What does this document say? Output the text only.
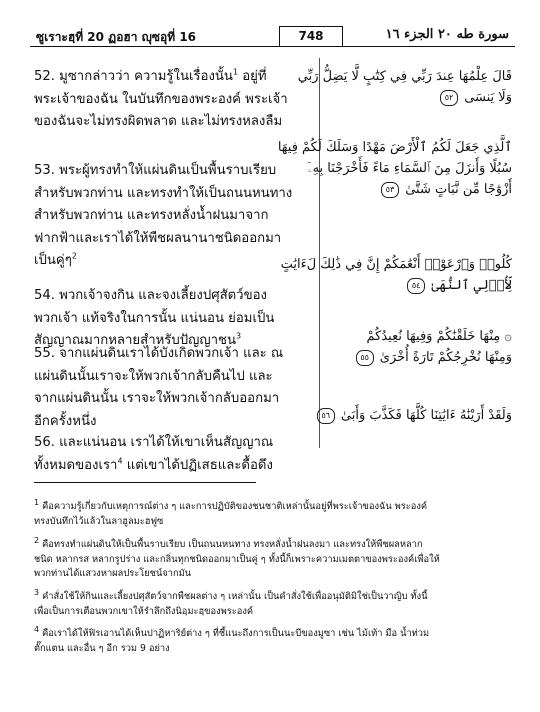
ซูเราะฮฺที่ 20 ฏอฮา ญุซอุที่ 16	748	سورة طه ٢٠ الجزء ١٦
52. มูซากล่าวว่า ความรู้ในเรื่องนั้น$^1$ อยู่ที่
พระเจ้าของฉัน ในบันทึกของพระองค์ พระเจ้า
ของฉันจะไม่ทรงผิดพลาด และไม่ทรงหลงลืม
53. พระผู้ทรงทำให้แผ่นดินเป็นพื้นราบเรียบ
สำหรับพวกท่าน และทรงทำให้เป็นถนนหนทาง
สำหรับพวกท่าน และทรงหลั่งน้ำฝนมาจาก
ฟากฟ้าและเราได้ให้พืชผลนานาชนิดออกมา
เป็นคู่ๆ$^2$
54. พวกเจ้าจงกิน และจงเลี้ยงปศุสัตว์ของ
พวกเจ้า แท้จริงในการนั้น แน่นอน ย่อมเป็น
สัญญาณมากหลายสำหรับปัญญาชน$^3$
55. จากแผ่นดินเราได้บังเกิดพวกเจ้า และ ณ
แผ่นดินนั้นเราจะให้พวกเจ้ากลับคืนไป และ
จากแผ่นดินนั้น เราจะให้พวกเจ้ากลับออกมา
อีกครั้งหนึ่ง
56. และแน่นอน เราได้ให้เขาเห็นสัญญาณ
ทั้งหมดของเรา$^4$ แต่เขาได้ปฏิเสธและดื้อดึง
قَالَ عِلْمُهَا عِندَ رَبِّي فِي كِتَٰبٍ لَّا يَضِلُّ رَبِّي
وَلَا يَنسَى ٥٢
ٱلَّذِي جَعَلَ لَكُمُ ٱلْأَرْضَ مَهْدًا وَسَلَكَ لَكُمْ فِيهَا
سُبُلًا وَأَنزَلَ مِنَ ٱلسَّمَاءِ مَاءً فَأَخْرَجْنَا بِهِۦٓ
أَزْوَٰجًا مِّن نَّبَاتٍ شَتَّىٰ ٥٣
كُلُوا۟ وَٱرْعَوْا۟ أَنْعَٰمَكُمْ إِنَّ فِي ذَٰلِكَ لَءَايَٰتٍ
لِّأُو۟لِي ٱلنُّهَىٰ ٥٤
۞ مِنْهَا خَلَقْنَٰكُمْ وَفِيهَا نُعِيدُكُمْ
وَمِنْهَا نُخْرِجُكُمْ تَارَةً أُخْرَىٰ ٥٥
وَلَقَدْ أَرَيْنَٰهُ ءَايَٰتِنَا كُلَّهَا فَكَذَّبَ وَأَبَىٰ ٥٦
$^1$ คือความรู้เกี่ยวกับเหตุการณ์ต่าง ๆ และการปฏิบัติของชนชาติเหล่านั้นอยู่ที่พระเจ้าของฉัน พระองค์
ทรงบันทึกไว้แล้วในลาฮูลมะฮฟูซ
$^2$ คือทรงทำแผ่นดินให้เป็นพื้นราบเรียบ เป็นถนนหนทาง ทรงหลั่งน้ำฝนลงมา และทรงให้พืชผลหลาก
ชนิด หลากรส หลากรูปร่าง และกลิ่นทุกชนิดออกมาเป็นคู่ ๆ ทั้งนี้ก็เพราะความเมตตาของพระองค์เพื่อให้
พวกท่านได้แสวงหาผลประโยชน์จากมัน
$^3$ คำสั่งใช้ให้กินและเลี้ยงปศุสัตว์จากพืชผลต่าง ๆ เหล่านั้น เป็นคำสั่งใช้เพื่ออนุมัติมิใช่เป็นวาญิบ ทั้งนี้
เพื่อเป็นการเตือนพวกเขาให้รำลึกถึงนิอฺมะฮฺของพระองค์
$^4$ คือเราได้ให้ฟิรเอานได้เห็นปาฏิหาริย์ต่าง ๆ ที่ชี้แนะถึงการเป็นนะบีของมูซา เช่น ไม้เท้า มือ น้ำท่วม
ตั๊กแตน และอื่น ๆ อีก รวม 9 อย่าง
